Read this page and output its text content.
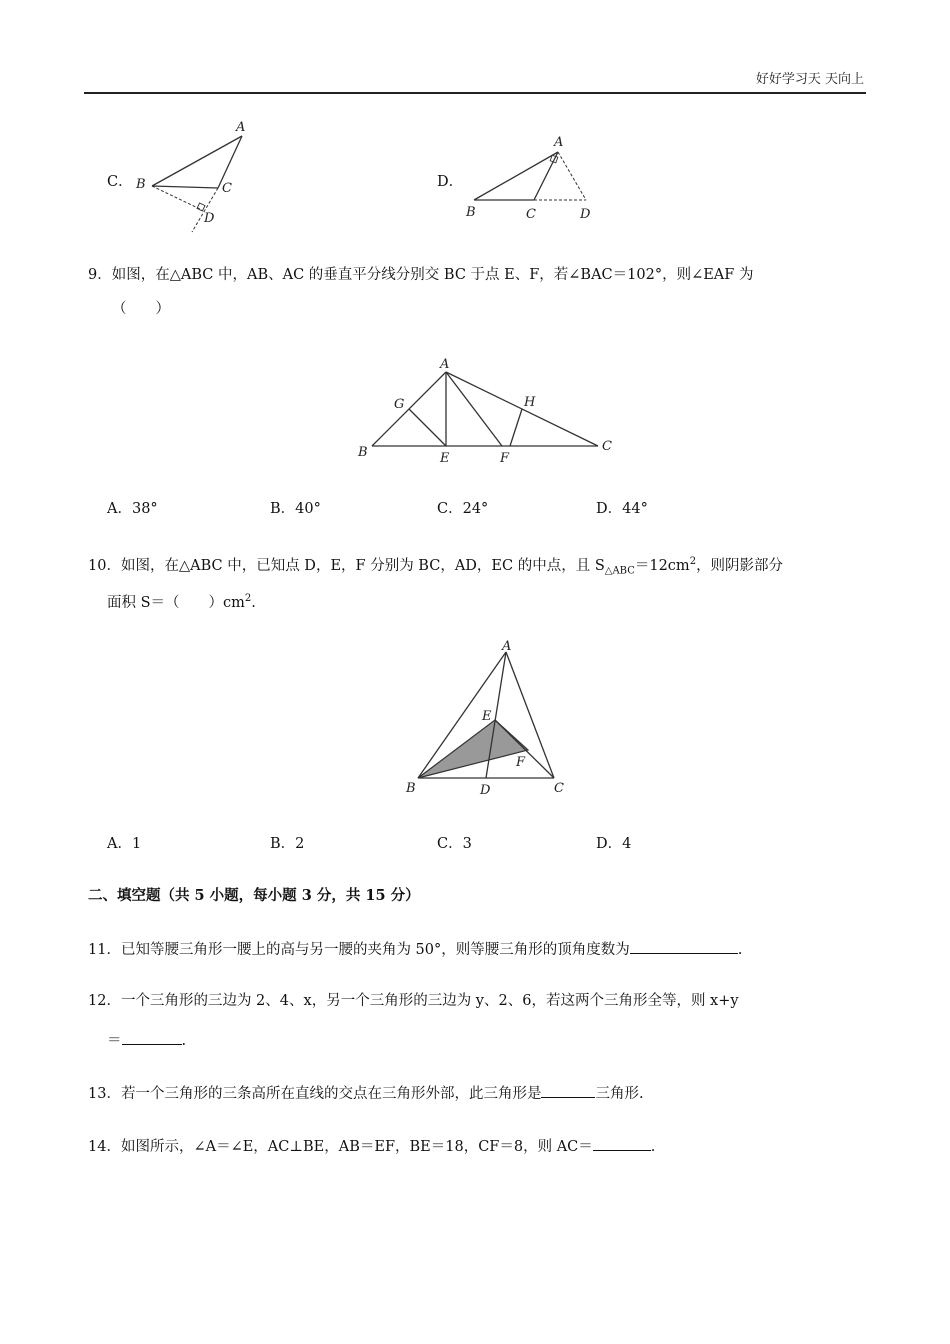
好好学习天 天向上
C．
A
B	C
D
D．
A
B	C	D
9．如图，在△ABC 中，AB、AC 的垂直平分线分别交 BC 于点 E、F，若∠BAC＝102°，则∠EAF 为
（　　）
A
B	C
E	F
G	H
A．38°	B．40°	C．24°	D．44°
10．如图，在△ABC 中，已知点 D，E，F 分别为 BC，AD，EC 的中点，且 $S_{\triangle ABC}=12cm^2$，则阴影部分
面积 S＝（　　）$cm^2$.
A
B	C
D
E
F
A．1	B．2	C．3	D．4
二、填空题（共 5 小题，每小题 3 分，共 15 分）
11．已知等腰三角形一腰上的高与另一腰的夹角为 50°，则等腰三角形的顶角度数为	.
12．一个三角形的三边为 2、4、x，另一个三角形的三边为 y、2、6，若这两个三角形全等，则 x+y
＝	.
13．若一个三角形的三条高所在直线的交点在三角形外部，此三角形是	三角形.
14．如图所示，∠A＝∠E，AC⊥BE，AB＝EF，BE＝18，CF＝8，则 AC＝	.
